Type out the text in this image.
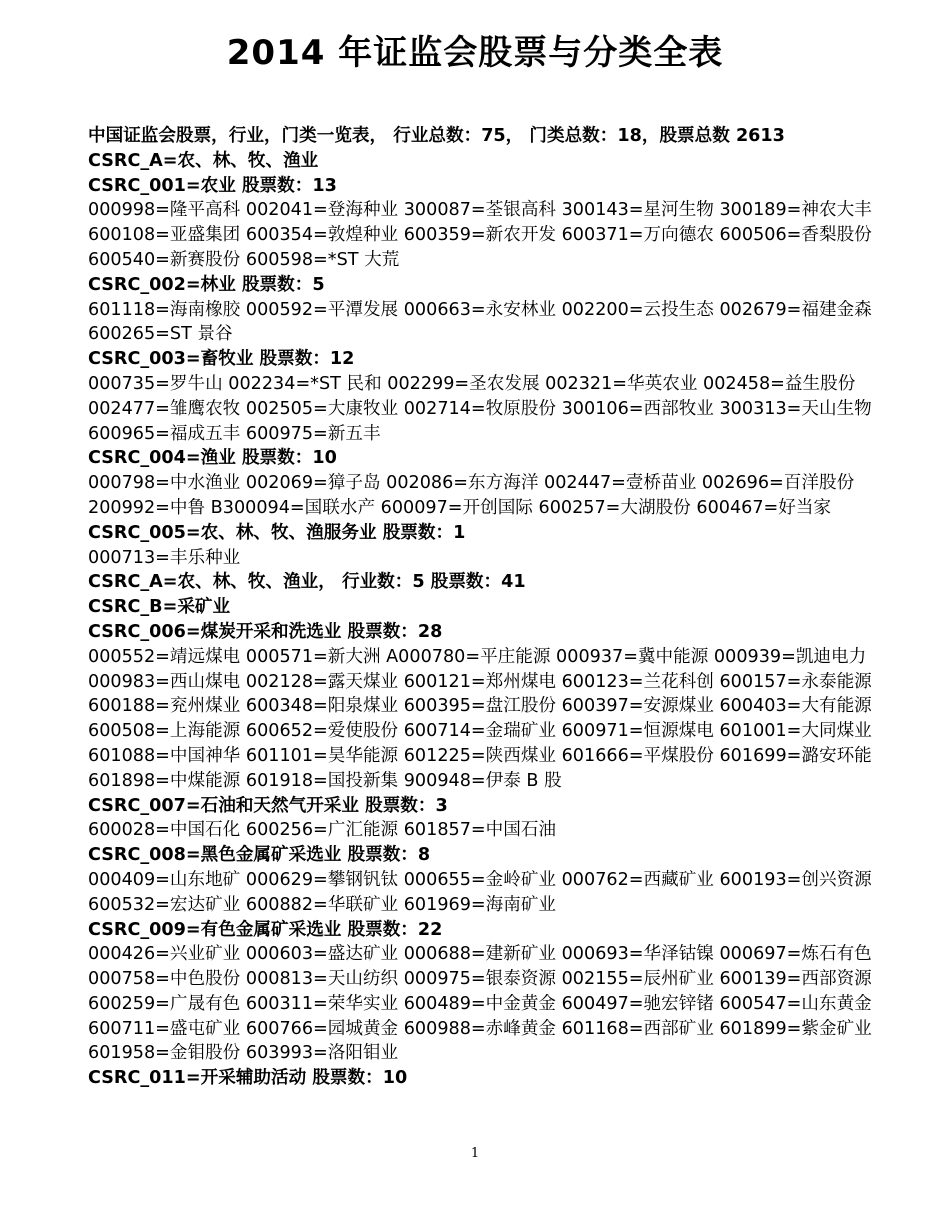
2014 年证监会股票与分类全表
中国证监会股票，行业，门类一览表， 行业总数：75， 门类总数：18，股票总数 2613
CSRC_A=农、林、牧、渔业
CSRC_001=农业 股票数：13
000998=隆平高科 002041=登海种业 300087=荃银高科 300143=星河生物 300189=神农大丰
600108=亚盛集团 600354=敦煌种业 600359=新农开发 600371=万向德农 600506=香梨股份
600540=新赛股份 600598=*ST 大荒
CSRC_002=林业 股票数：5
601118=海南橡胶 000592=平潭发展 000663=永安林业 002200=云投生态 002679=福建金森
600265=ST 景谷
CSRC_003=畜牧业 股票数：12
000735=罗牛山 002234=*ST 民和 002299=圣农发展 002321=华英农业 002458=益生股份
002477=雏鹰农牧 002505=大康牧业 002714=牧原股份 300106=西部牧业 300313=天山生物
600965=福成五丰 600975=新五丰
CSRC_004=渔业 股票数：10
000798=中水渔业 002069=獐子岛 002086=东方海洋 002447=壹桥苗业 002696=百洋股份
200992=中鲁 B300094=国联水产 600097=开创国际 600257=大湖股份 600467=好当家
CSRC_005=农、林、牧、渔服务业 股票数：1
000713=丰乐种业
CSRC_A=农、林、牧、渔业， 行业数：5 股票数：41
CSRC_B=采矿业
CSRC_006=煤炭开采和洗选业 股票数：28
000552=靖远煤电 000571=新大洲 A000780=平庄能源 000937=冀中能源 000939=凯迪电力
000983=西山煤电 002128=露天煤业 600121=郑州煤电 600123=兰花科创 600157=永泰能源
600188=兖州煤业 600348=阳泉煤业 600395=盘江股份 600397=安源煤业 600403=大有能源
600508=上海能源 600652=爱使股份 600714=金瑞矿业 600971=恒源煤电 601001=大同煤业
601088=中国神华 601101=昊华能源 601225=陕西煤业 601666=平煤股份 601699=潞安环能
601898=中煤能源 601918=国投新集 900948=伊泰 B 股
CSRC_007=石油和天然气开采业 股票数：3
600028=中国石化 600256=广汇能源 601857=中国石油
CSRC_008=黑色金属矿采选业 股票数：8
000409=山东地矿 000629=攀钢钒钛 000655=金岭矿业 000762=西藏矿业 600193=创兴资源
600532=宏达矿业 600882=华联矿业 601969=海南矿业
CSRC_009=有色金属矿采选业 股票数：22
000426=兴业矿业 000603=盛达矿业 000688=建新矿业 000693=华泽钴镍 000697=炼石有色
000758=中色股份 000813=天山纺织 000975=银泰资源 002155=辰州矿业 600139=西部资源
600259=广晟有色 600311=荣华实业 600489=中金黄金 600497=驰宏锌锗 600547=山东黄金
600711=盛屯矿业 600766=园城黄金 600988=赤峰黄金 601168=西部矿业 601899=紫金矿业
601958=金钼股份 603993=洛阳钼业
CSRC_011=开采辅助活动 股票数：10
1
